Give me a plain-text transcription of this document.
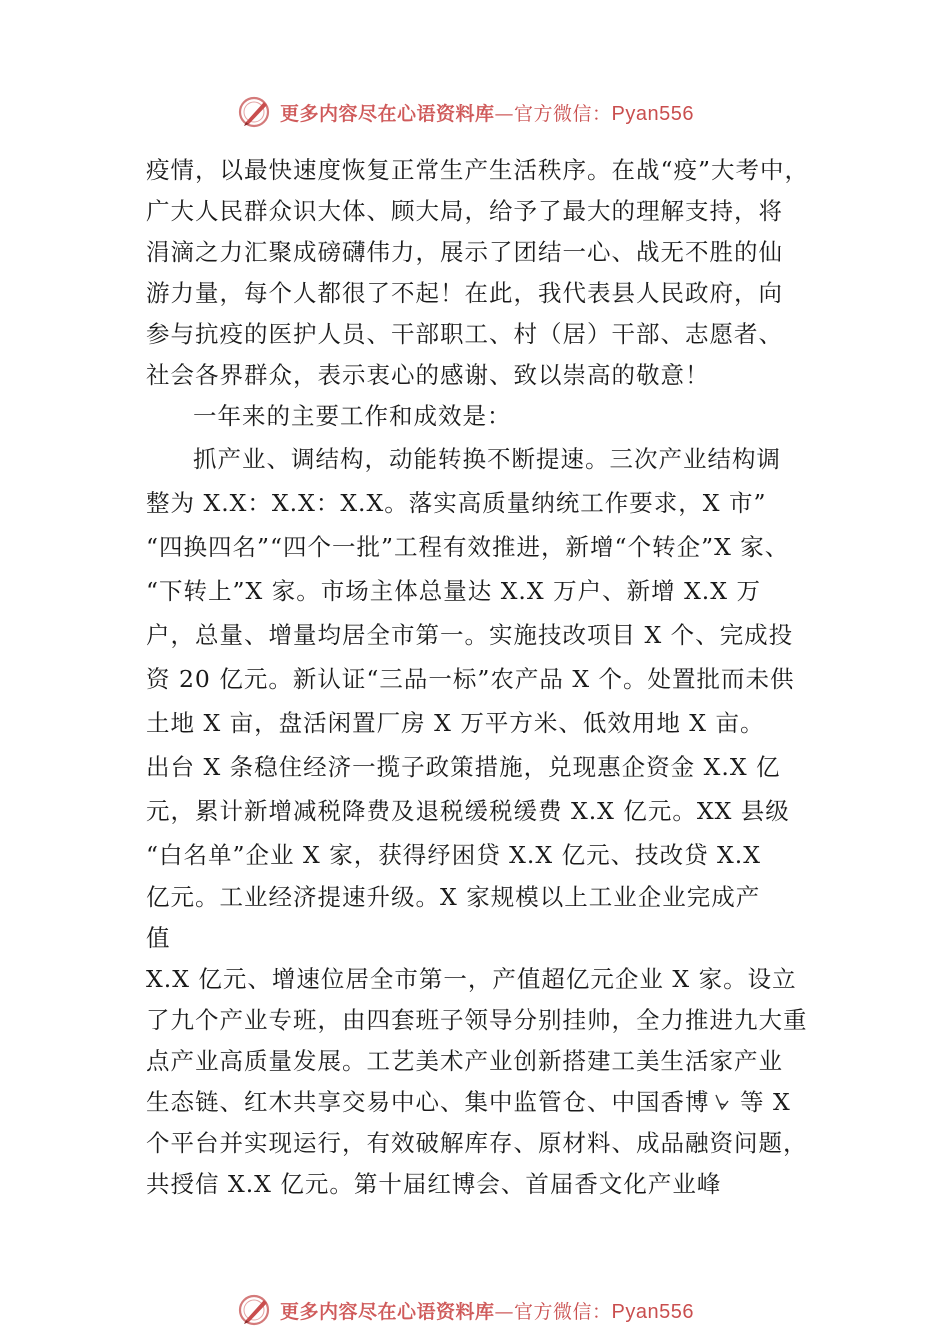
更多内容尽在心语资料库—官方微信：Pyan556
疫情，以最快速度恢复正常生产生活秩序。在战“疫”大考中，
广大人民群众识大体、顾大局，给予了最大的理解支持，将
涓滴之力汇聚成磅礴伟力，展示了团结一心、战无不胜的仙
游力量，每个人都很了不起！在此，我代表县人民政府，向
参与抗疫的医护人员、干部职工、村（居）干部、志愿者、
社会各界群众，表示衷心的感谢、致以崇高的敬意！
一年来的主要工作和成效是：
抓产业、调结构，动能转换不断提速。三次产业结构调
整为 X.X：X.X：X.X。落实高质量纳统工作要求，X 市”
“四换四名”“四个一批”工程有效推进，新增“个转企”X 家、
“下转上”X 家。市场主体总量达 X.X 万户、新增 X.X 万
户，总量、增量均居全市第一。实施技改项目 X 个、完成投
资 20 亿元。新认证“三品一标”农产品 X 个。处置批而未供
土地 X 亩，盘活闲置厂房 X 万平方米、低效用地 X 亩。
出台 X 条稳住经济一揽子政策措施，兑现惠企资金 X.X 亿
元，累计新增减税降费及退税缓税缓费 X.X 亿元。XX 县级
“白名单”企业 X 家，获得纾困贷 X.X 亿元、技改贷 X.X
亿元。工业经济提速升级。X 家规模以上工业企业完成产
值
X.X 亿元、增速位居全市第一，产值超亿元企业 X 家。设立
了九个产业专班，由四套班子领导分别挂帅，全力推进九大重
点产业高质量发展。工艺美术产业创新搭建工美生活家产业
生态链、红木共享交易中心、集中监管仓、中国香博 等 X
个平台并实现运行，有效破解库存、原材料、成品融资问题，
共授信 X.X 亿元。第十届红博会、首届香文化产业峰
更多内容尽在心语资料库—官方微信：Pyan556
